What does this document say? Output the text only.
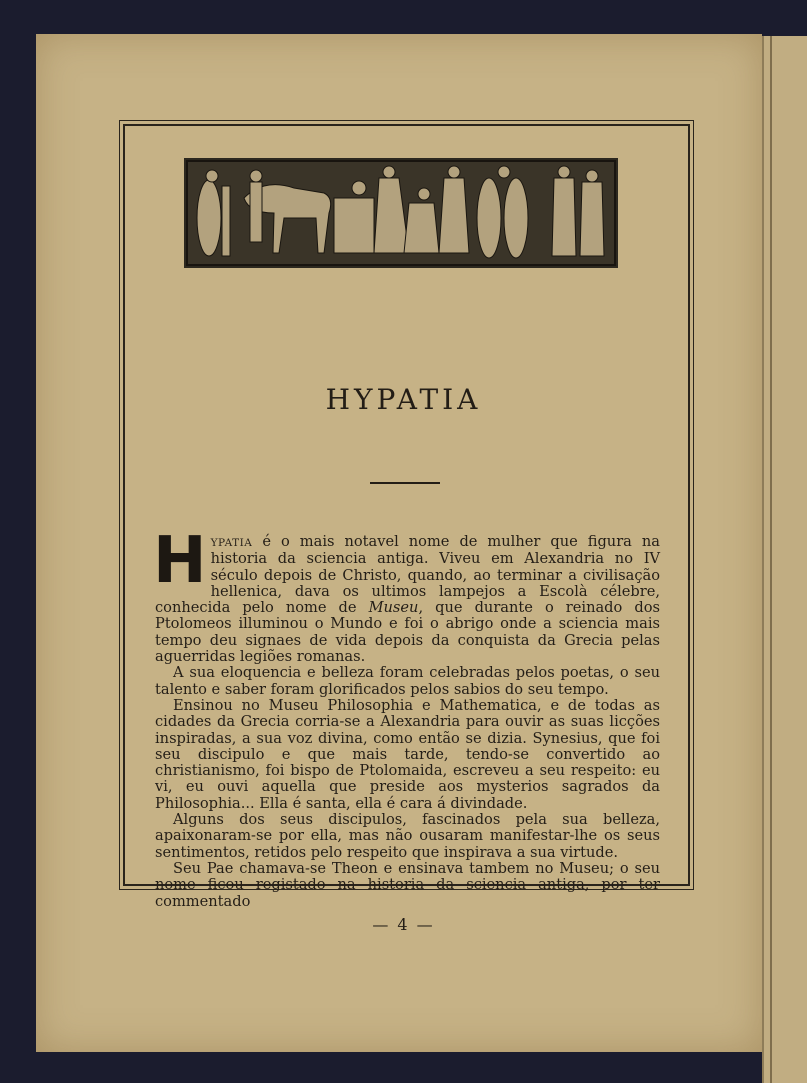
HYPATIA

HYPATIA é o mais notavel nome de mulher que figura na historia da sciencia antiga. Viveu em Alexandria no IV século depois de Christo, quando, ao terminar a civilisação hellenica, dava os ultimos lampejos a Escolà célebre, conhecida pelo nome de Museu, que durante o reinado dos Ptolomeos illuminou o Mundo e foi o abrigo onde a sciencia mais tempo deu signaes de vida depois da conquista da Grecia pelas aguerridas legiões romanas.

A sua eloquencia e belleza foram celebradas pelos poetas, o seu talento e saber foram glorificados pelos sabios do seu tempo.

Ensinou no Museu Philosophia e Mathematica, e de todas as cidades da Grecia corria-se a Alexandria para ouvir as suas licções inspiradas, a sua voz divina, como então se dizia. Synesius, que foi seu discipulo e que mais tarde, tendo-se convertido ao christianismo, foi bispo de Ptolomaida, escreveu a seu respeito: eu vi, eu ouvi aquella que preside aos mysterios sagrados da Philosophia... Ella é santa, ella é cara á divindade.

Alguns dos seus discipulos, fascinados pela sua belleza, apaixonaram-se por ella, mas não ousaram manifestar-lhe os seus sentimentos, retidos pelo respeito que inspirava a sua virtude.

Seu Pae chamava-se Theon e ensinava tambem no Museu; o seu nome ficou registado na historia da sciencia antiga, por ter commentado

— 4 —
